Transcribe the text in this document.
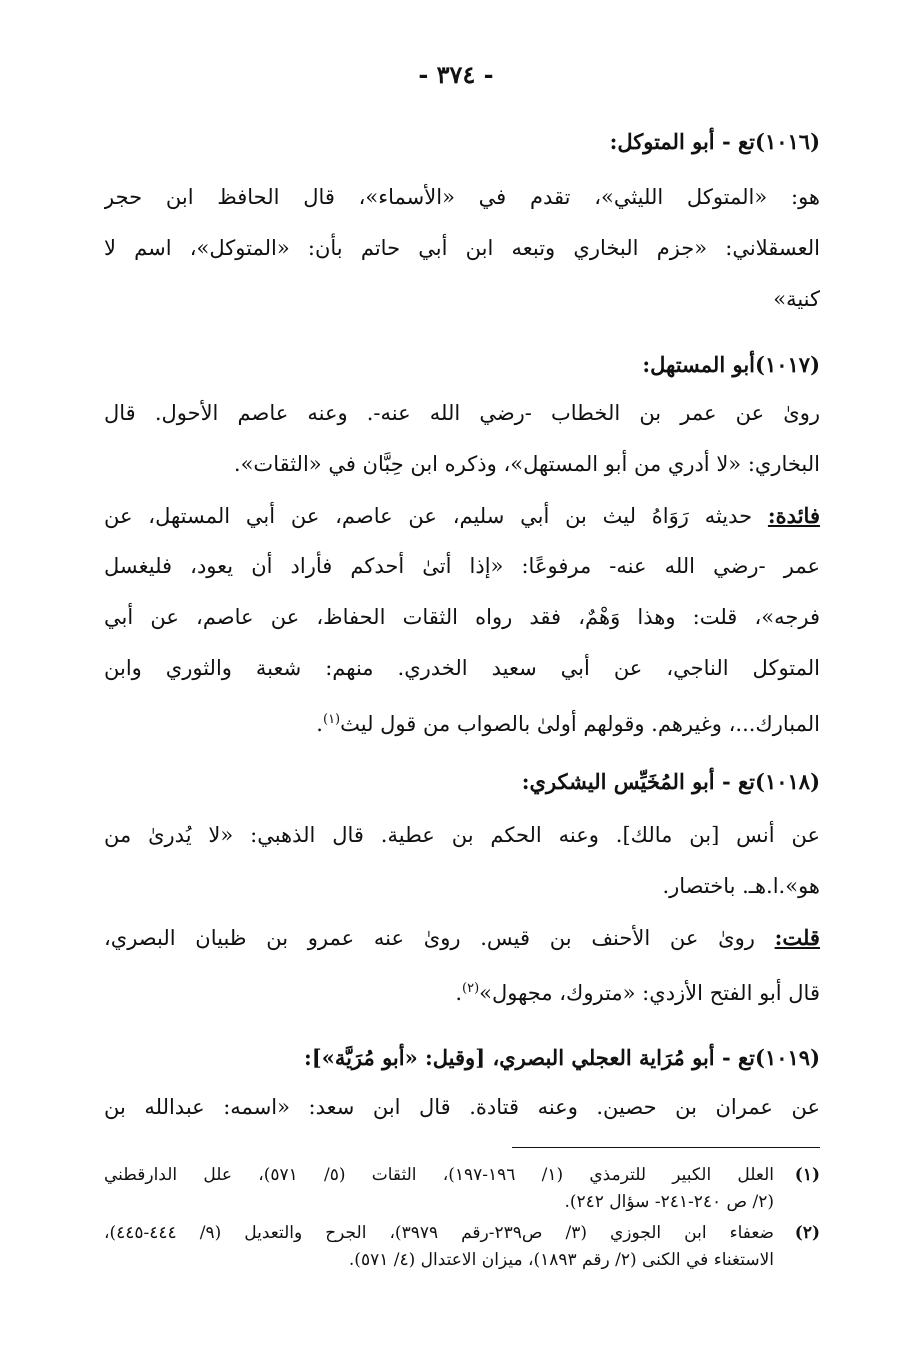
- ٣٧٤ -
(١٠١٦)تع - أبو المتوكل:
هو: «المتوكل الليثي»، تقدم في «الأسماء»، قال الحافظ ابن حجر
العسقلاني: «جزم البخاري وتبعه ابن أبي حاتم بأن: «المتوكل»، اسم لا
كنية»
(١٠١٧)أبو المستهل:
روىٰ عن عمر بن الخطاب -رضي الله عنه-. وعنه عاصم الأحول. قال
البخاري: «لا أدري من أبو المستهل»، وذكره ابن حِبَّان في «الثقات».
فائدة: حديثه رَوَاهُ ليث بن أبي سليم، عن عاصم، عن أبي المستهل، عن
عمر -رضي الله عنه- مرفوعًا: «إذا أتىٰ أحدكم فأراد أن يعود، فليغسل
فرجه»، قلت: وهذا وَهْمٌ، فقد رواه الثقات الحفاظ، عن عاصم، عن أبي
المتوكل الناجي، عن أبي سعيد الخدري. منهم: شعبة والثوري وابن
المبارك...، وغيرهم. وقولهم أولىٰ بالصواب من قول ليث$^{(١)}$.
(١٠١٨)تع - أبو المُخَيِّس اليشكري:
عن أنس [بن مالك]. وعنه الحكم بن عطية. قال الذهبي: «لا يُدرىٰ من
هو».ا.هـ. باختصار.
قلت: روىٰ عن الأحنف بن قيس. روىٰ عنه عمرو بن ظبيان البصري،
قال أبو الفتح الأزدي: «متروك، مجهول»$^{(٢)}$.
(١٠١٩)تع - أبو مُرَاية العجلي البصري، [وقيل: «أبو مُرَيَّة»]:
عن عمران بن حصين. وعنه قتادة. قال ابن سعد: «اسمه: عبدالله بن
(١)
العلل الكبير للترمذي (١/ ١٩٦-١٩٧)، الثقات (٥/ ٥٧١)، علل الدارقطني
(٢/ ص ٢٤٠-٢٤١- سؤال ٢٤٢).
(٢)
ضعفاء ابن الجوزي (٣/ ص٢٣٩-رقم ٣٩٧٩)، الجرح والتعديل (٩/ ٤٤٤-٤٤٥)،
الاستغناء في الكنى (٢/ رقم ١٨٩٣)، ميزان الاعتدال (٤/ ٥٧١).
